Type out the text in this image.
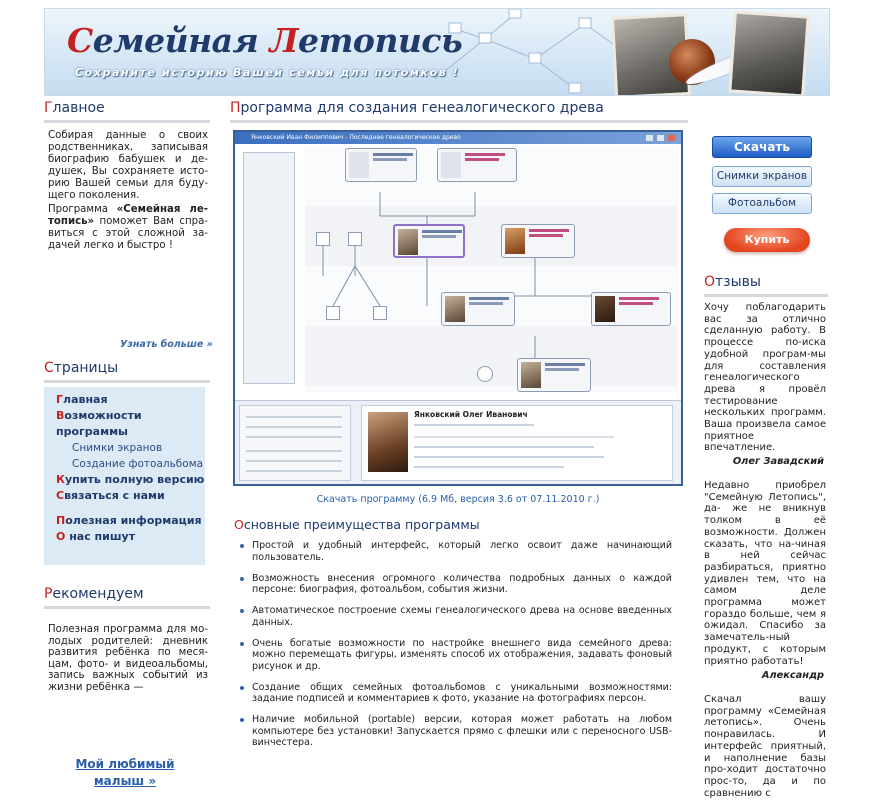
Семейная Летопись
Сохраните историю Вашей семьи для потомков !
Главное

Собирая данные о своих родственниках, записывая биографию бабушек и де-душек, Вы сохраняете исто-рию Вашей семьи для буду-щего поколения.

Программа «Семейная ле-топись» поможет Вам спра-виться с этой сложной за-дачей легко и быстро !

Узнать больше »
Страницы
Главная
Возможности программы
Снимки экранов
Создание фотоальбома
Купить полную версию
Связаться с нами
Полезная информация
О нас пишут
Рекомендуем
Полезная программа для мо-лодых родителей: дневник развития ребёнка по меся-цам, фото- и видеоальбомы, запись важных событий из жизни ребёнка —
Мой любимый малыш »
Программа для создания генеалогического древа
Янковский Иван Филиппович - Последнее генеалогическое древо
Янковский Олег Иванович
Скачать программу (6.9 Мб, версия 3.6 от 07.11.2010 г.)
Основные преимущества программы
Простой и удобный интерфейс, который легко освоит даже начинающий пользователь.
Возможность внесения огромного количества подробных данных о каждой персоне: биография, фотоальбом, события жизни.
Автоматическое построение схемы генеалогического древа на основе введенных данных.
Очень богатые возможности по настройке внешнего вида семейного древа: можно перемещать фигуры, изменять способ их отображения, задавать фоновый рисунок и др.
Создание общих семейных фотоальбомов с уникальными возможностями: задание подписей и комментариев к фото, указание на фотографиях персон.
Наличие мобильной (portable) версии, которая может работать на любом компьютере без установки! Запускается прямо с флешки или с переносного USB-винчестера.
Скачать
Снимки экранов
Фотоальбом
Купить
Отзывы
Хочу поблагодарить вас за отлично сделанную работу. В процессе по-иска удобной програм-мы для составления генеалогического древа я провёл тестирование нескольких программ. Ваша произвела самое приятное впечатление.
Олег Завадский
Недавно приобрел "Семейную Летопись", да- же не вникнув толком в её возможности. Должен сказать, что на-чиная в ней сейчас разбираться, приятно удивлен тем, что на самом деле программа может гораздо больше, чем я ожидал. Спасибо за замечатель-ный продукт, с которым приятно работать!
Александр
Скачал вашу программу «Семейная летопись». Очень понравилась. И интерфейс приятный, и наполнение базы про-ходит достаточно прос-то, да и по сравнению с
